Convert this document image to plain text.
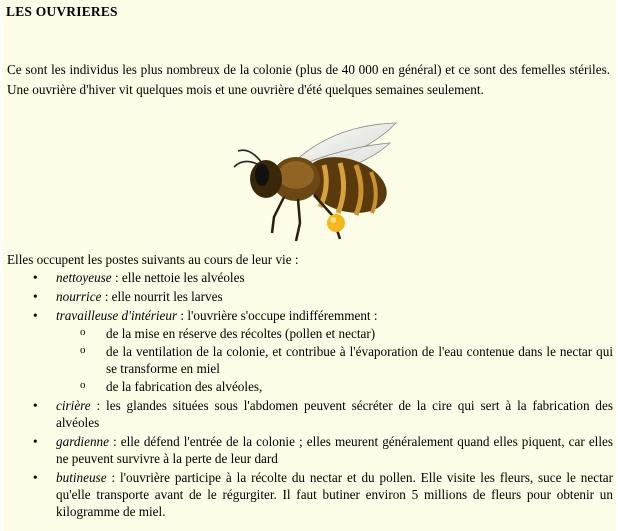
LES OUVRIERES
Ce sont les individus les plus nombreux de la colonie (plus de 40 000 en général) et ce sont des femelles stériles. Une ouvrière d'hiver vit quelques mois et une ouvrière d'été quelques semaines seulement.
Elles occupent les postes suivants au cours de leur vie :
• nettoyeuse : elle nettoie les alvéoles
• nourrice : elle nourrit les larves
• travailleuse d'intérieur : l'ouvrière s'occupe indifféremment :
o de la mise en réserve des récoltes (pollen et nectar)
o de la ventilation de la colonie, et contribue à l'évaporation de l'eau contenue dans le nectar qui se transforme en miel
o de la fabrication des alvéoles,
• cirière : les glandes situées sous l'abdomen peuvent sécréter de la cire qui sert à la fabrication des alvéoles
• gardienne : elle défend l'entrée de la colonie ; elles meurent généralement quand elles piquent, car elles ne peuvent survivre à la perte de leur dard
• butineuse : l'ouvrière participe à la récolte du nectar et du pollen. Elle visite les fleurs, suce le nectar qu'elle transporte avant de le régurgiter. Il faut butiner environ 5 millions de fleurs pour obtenir un kilogramme de miel.
